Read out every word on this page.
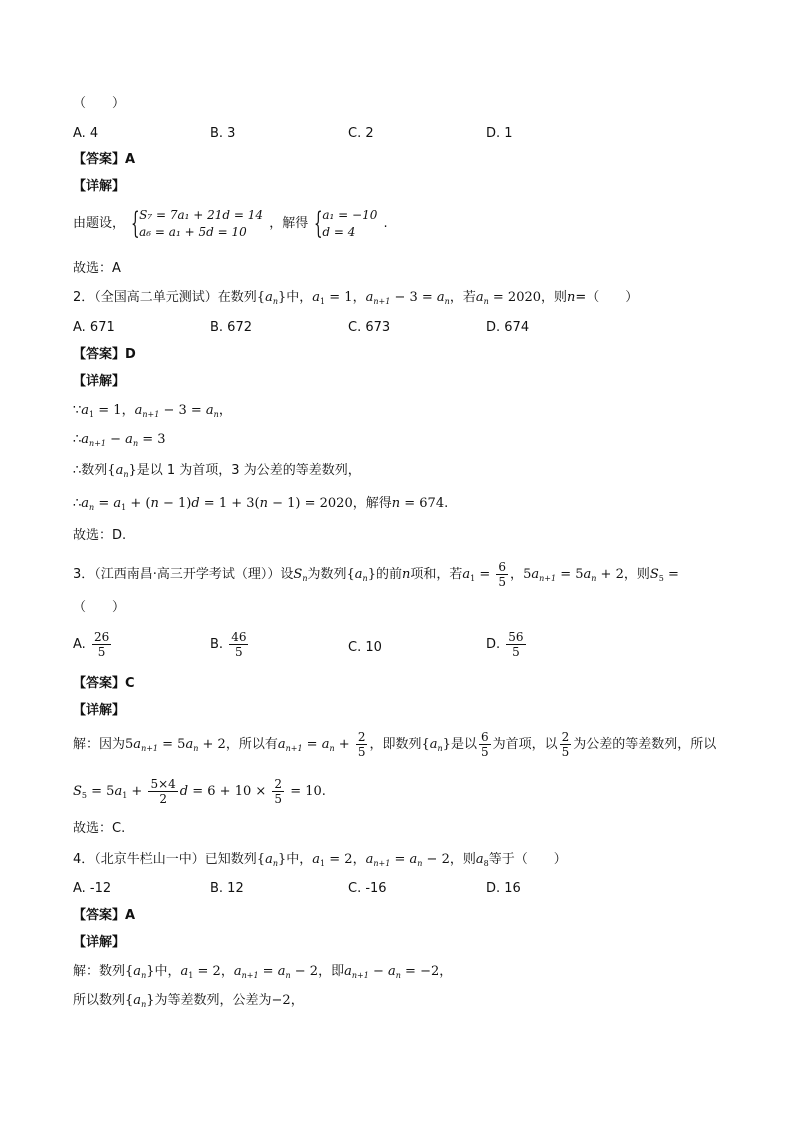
（　　）
A. 4	B. 3	C. 2	D. 1
【答案】A
【详解】
由题设， { S₇ = 7a₁ + 21d = 14
a₆ = a₁ + 5d = 10
，解得 { a₁ = −10
d = 4
.
故选：A
2．（全国高二单元测试）在数列$\{a_n\}$中，$a_1 = 1$，$a_{n+1} - 3 = a_n$，若$a_n = 2020$，则n=（　　）
A. 671	B. 672	C. 673	D. 674
【答案】D
【详解】
$\because a_1 = 1$，$a_{n+1} - 3 = a_n$，
$\therefore a_{n+1} - a_n = 3$
∴数列$\{a_n\}$是以 1 为首项，3 为公差的等差数列，
$\therefore a_n = a_1 + (n - 1)d = 1 + 3(n - 1) = 2020$，解得n = 674.
故选：D.
3．（江西南昌·高三开学考试（理））设$S_n$为数列$\{a_n\}$的前n项和，若$a_1 = \frac{6}{5}$ ，$5a_{n+1} = 5a_n + 2$，则$S_5$ =
（　　）
A. $\frac{26}{5}$	B. $\frac{46}{5}$	C. 10	D. $\frac{56}{5}$
【答案】C
【详解】
解：因为$5a_{n+1} = 5a_n + 2$，所以有$a_{n+1} = a_n + \frac{2}{5}$ ，即数列$\{a_n\}$是以 $\frac{6}{5}$ 为首项，以 $\frac{2}{5}$ 为公差的等差数列，所以
$S_5 = 5a_1 + \frac{5\times 4}{2}$ $d = 6 + 10 \times \frac{2}{5} = 10$.
故选：C.
4．（北京牛栏山一中）已知数列$\{a_n\}$中，$a_1 = 2$，$a_{n+1} = a_n - 2$，则$a_8$等于（　　）
A. -12	B. 12	C. -16	D. 16
【答案】A
【详解】
解：数列$\{a_n\}$中，$a_1 = 2$，$a_{n+1} = a_n - 2$，即$a_{n+1} - a_n = -2$，
所以数列$\{a_n\}$为等差数列，公差为−2，
